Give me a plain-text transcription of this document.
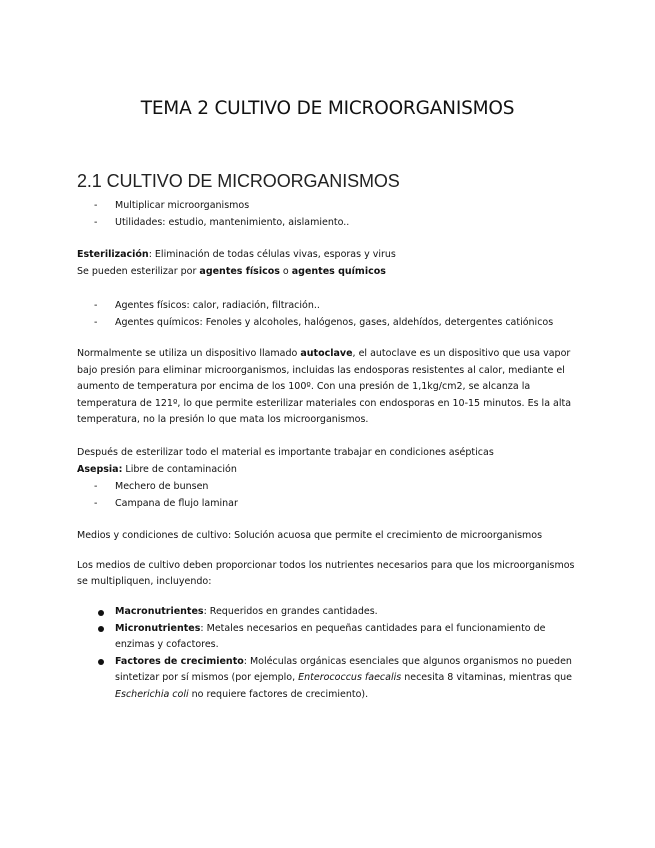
TEMA 2 CULTIVO DE MICROORGANISMOS
2.1 CULTIVO DE MICROORGANISMOS
- Multiplicar microorganismos
- Utilidades: estudio, mantenimiento, aislamiento..
Esterilización: Eliminación de todas células vivas, esporas y virus
Se pueden esterilizar por agentes físicos o agentes químicos
- Agentes físicos: calor, radiación, filtración..
- Agentes químicos: Fenoles y alcoholes, halógenos, gases, aldehídos, detergentes catiónicos
Normalmente se utiliza un dispositivo llamado autoclave, el autoclave es un dispositivo que usa vapor
bajo presión para eliminar microorganismos, incluidas las endosporas resistentes al calor, mediante el
aumento de temperatura por encima de los 100º. Con una presión de 1,1kg/cm2, se alcanza la
temperatura de 121º, lo que permite esterilizar materiales con endosporas en 10-15 minutos. Es la alta
temperatura, no la presión lo que mata los microorganismos.
Después de esterilizar todo el material es importante trabajar en condiciones asépticas
Asepsia: Libre de contaminación
- Mechero de bunsen
- Campana de flujo laminar
Medios y condiciones de cultivo: Solución acuosa que permite el crecimiento de microorganismos
Los medios de cultivo deben proporcionar todos los nutrientes necesarios para que los microorganismos
se multipliquen, incluyendo:
Macronutrientes: Requeridos en grandes cantidades.
Micronutrientes: Metales necesarios en pequeñas cantidades para el funcionamiento de
enzimas y cofactores.
Factores de crecimiento: Moléculas orgánicas esenciales que algunos organismos no pueden
sintetizar por sí mismos (por ejemplo, Enterococcus faecalis necesita 8 vitaminas, mientras que
Escherichia coli no requiere factores de crecimiento).
